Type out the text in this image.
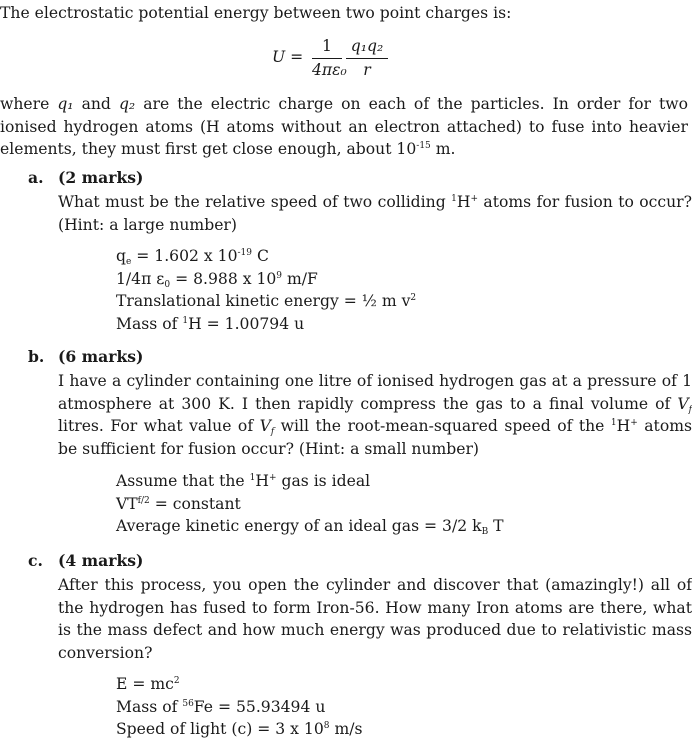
The electrostatic potential energy between two point charges is:

U =
1
4πε₀
q₁q₂
r

where q₁ and q₂ are the electric charge on each of the particles. In order for two ionised hydrogen atoms (H atoms without an electron attached) to fuse into heavier elements, they must first get close enough, about $10^{-15}$ m.

a. (2 marks)

What must be the relative speed of two colliding $^1$H+ atoms for fusion to occur? (Hint: a large number)

$q_e = 1.602$ x $10^{-19}$ C
1/4π $\varepsilon_0 = 8.988$ x $10^9$ m/F
Translational kinetic energy = ½ m $v^2$
Mass of $^1$H = 1.00794 u
b. (6 marks)

I have a cylinder containing one litre of ionised hydrogen gas at a pressure of 1 atmosphere at 300 K. I then rapidly compress the gas to a final volume of $V_f$ litres. For what value of $V_f$ will the root-mean-squared speed of the $^1$H+ atoms be sufficient for fusion occur? (Hint: a small number)

Assume that the $^1$H+ gas is ideal
$VT^{f/2}$ = constant
Average kinetic energy of an ideal gas = 3/2 $k_B$ T
c. (4 marks)

After this process, you open the cylinder and discover that (amazingly!) all of the hydrogen has fused to form Iron-56. How many Iron atoms are there, what is the mass defect and how much energy was produced due to relativistic mass conversion?

$E = mc^2$
Mass of $^{56}$Fe = 55.93494 u
Speed of light (c) = 3 x $10^8$ m/s
